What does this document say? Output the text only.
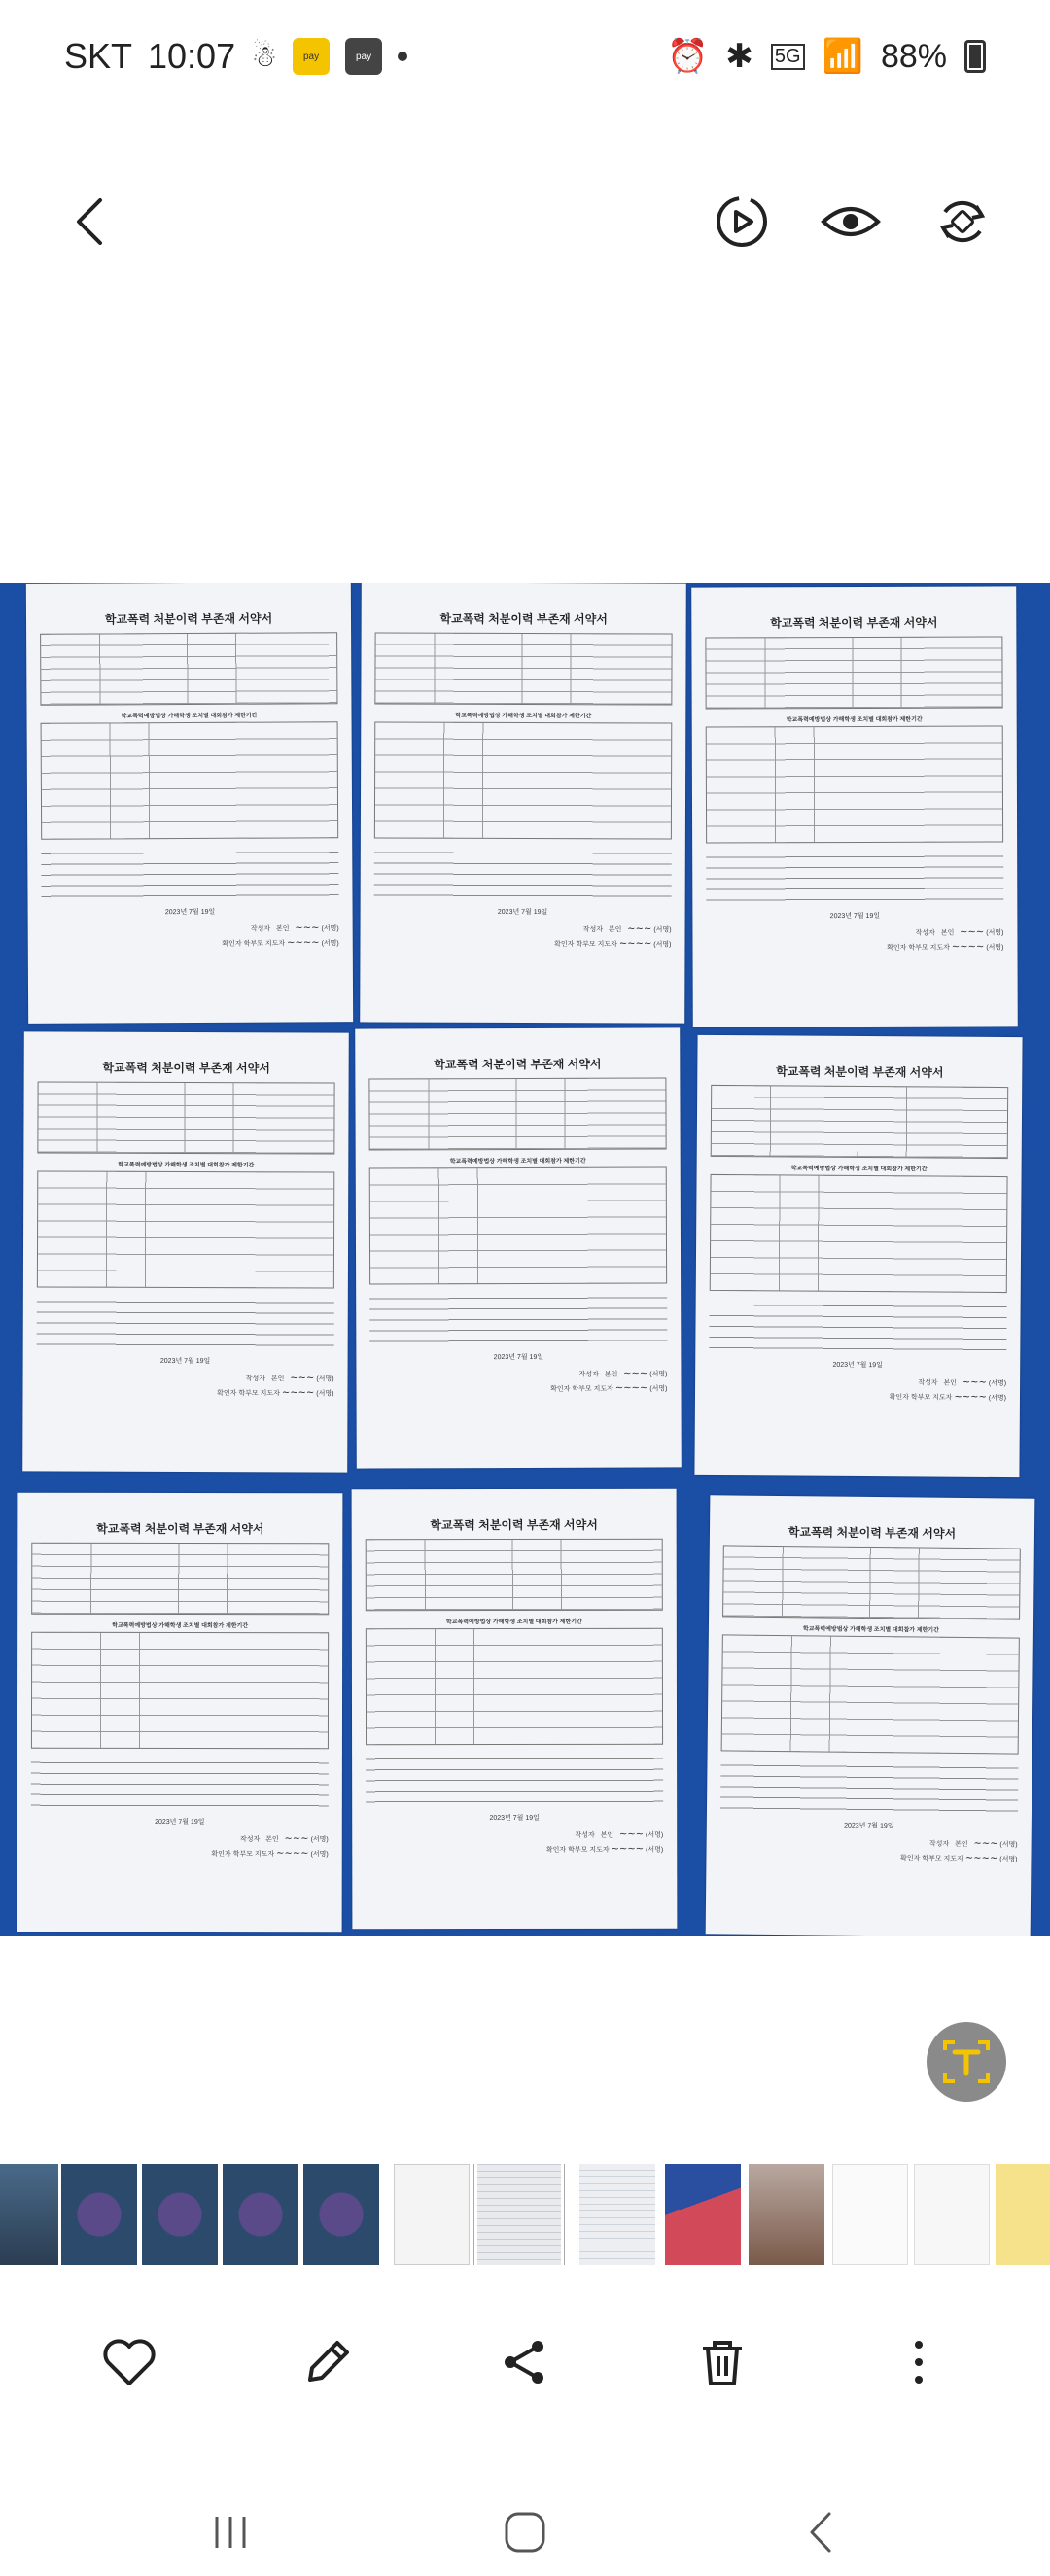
SKT 10:07 ☃	pay	pay	⏰ ✱ 5G 📶 88%
학교폭력 처분이력 부존재 서약서
학교폭력예방법상 가해학생 조치별 대회참가 제한기간
2023년 7월 19일
작성자 본인 ~~~ (서명)
확인자 학부모 지도자 ~~~~ (서명)
학교폭력 처분이력 부존재 서약서
학교폭력예방법상 가해학생 조치별 대회참가 제한기간
2023년 7월 19일
작성자 본인 ~~~ (서명)
확인자 학부모 지도자 ~~~~ (서명)
학교폭력 처분이력 부존재 서약서
학교폭력예방법상 가해학생 조치별 대회참가 제한기간
2023년 7월 19일
작성자 본인 ~~~ (서명)
확인자 학부모 지도자 ~~~~ (서명)
학교폭력 처분이력 부존재 서약서
학교폭력예방법상 가해학생 조치별 대회참가 제한기간
2023년 7월 19일
작성자 본인 ~~~ (서명)
확인자 학부모 지도자 ~~~~ (서명)
학교폭력 처분이력 부존재 서약서
학교폭력예방법상 가해학생 조치별 대회참가 제한기간
2023년 7월 19일
작성자 본인 ~~~ (서명)
확인자 학부모 지도자 ~~~~ (서명)
학교폭력 처분이력 부존재 서약서
학교폭력예방법상 가해학생 조치별 대회참가 제한기간
2023년 7월 19일
작성자 본인 ~~~ (서명)
확인자 학부모 지도자 ~~~~ (서명)
학교폭력 처분이력 부존재 서약서
학교폭력예방법상 가해학생 조치별 대회참가 제한기간
2023년 7월 19일
작성자 본인 ~~~ (서명)
확인자 학부모 지도자 ~~~~ (서명)
학교폭력 처분이력 부존재 서약서
학교폭력예방법상 가해학생 조치별 대회참가 제한기간
2023년 7월 19일
작성자 본인 ~~~ (서명)
확인자 학부모 지도자 ~~~~ (서명)
학교폭력 처분이력 부존재 서약서
학교폭력예방법상 가해학생 조치별 대회참가 제한기간
2023년 7월 19일
작성자 본인 ~~~ (서명)
확인자 학부모 지도자 ~~~~ (서명)
